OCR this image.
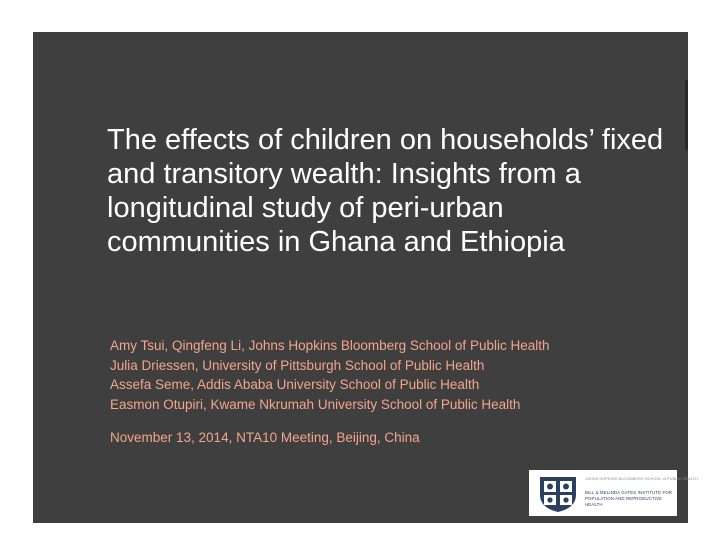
The effects of children on households’ fixed and transitory wealth: Insights from a longitudinal study of peri-urban communities in Ghana and Ethiopia
Amy Tsui, Qingfeng Li, Johns Hopkins Bloomberg School of Public Health
Julia Driessen, University of Pittsburgh School of Public Health
Assefa Seme, Addis Ababa University School of Public Health
Easmon Otupiri, Kwame Nkrumah University School of Public Health
November 13, 2014, NTA10 Meeting, Beijing, China
JOHNS HOPKINS BLOOMBERG SCHOOL of PUBLIC HEALTH
BILL & MELINDA GATES INSTITUTE FOR
POPULATION AND REPRODUCTIVE HEALTH
